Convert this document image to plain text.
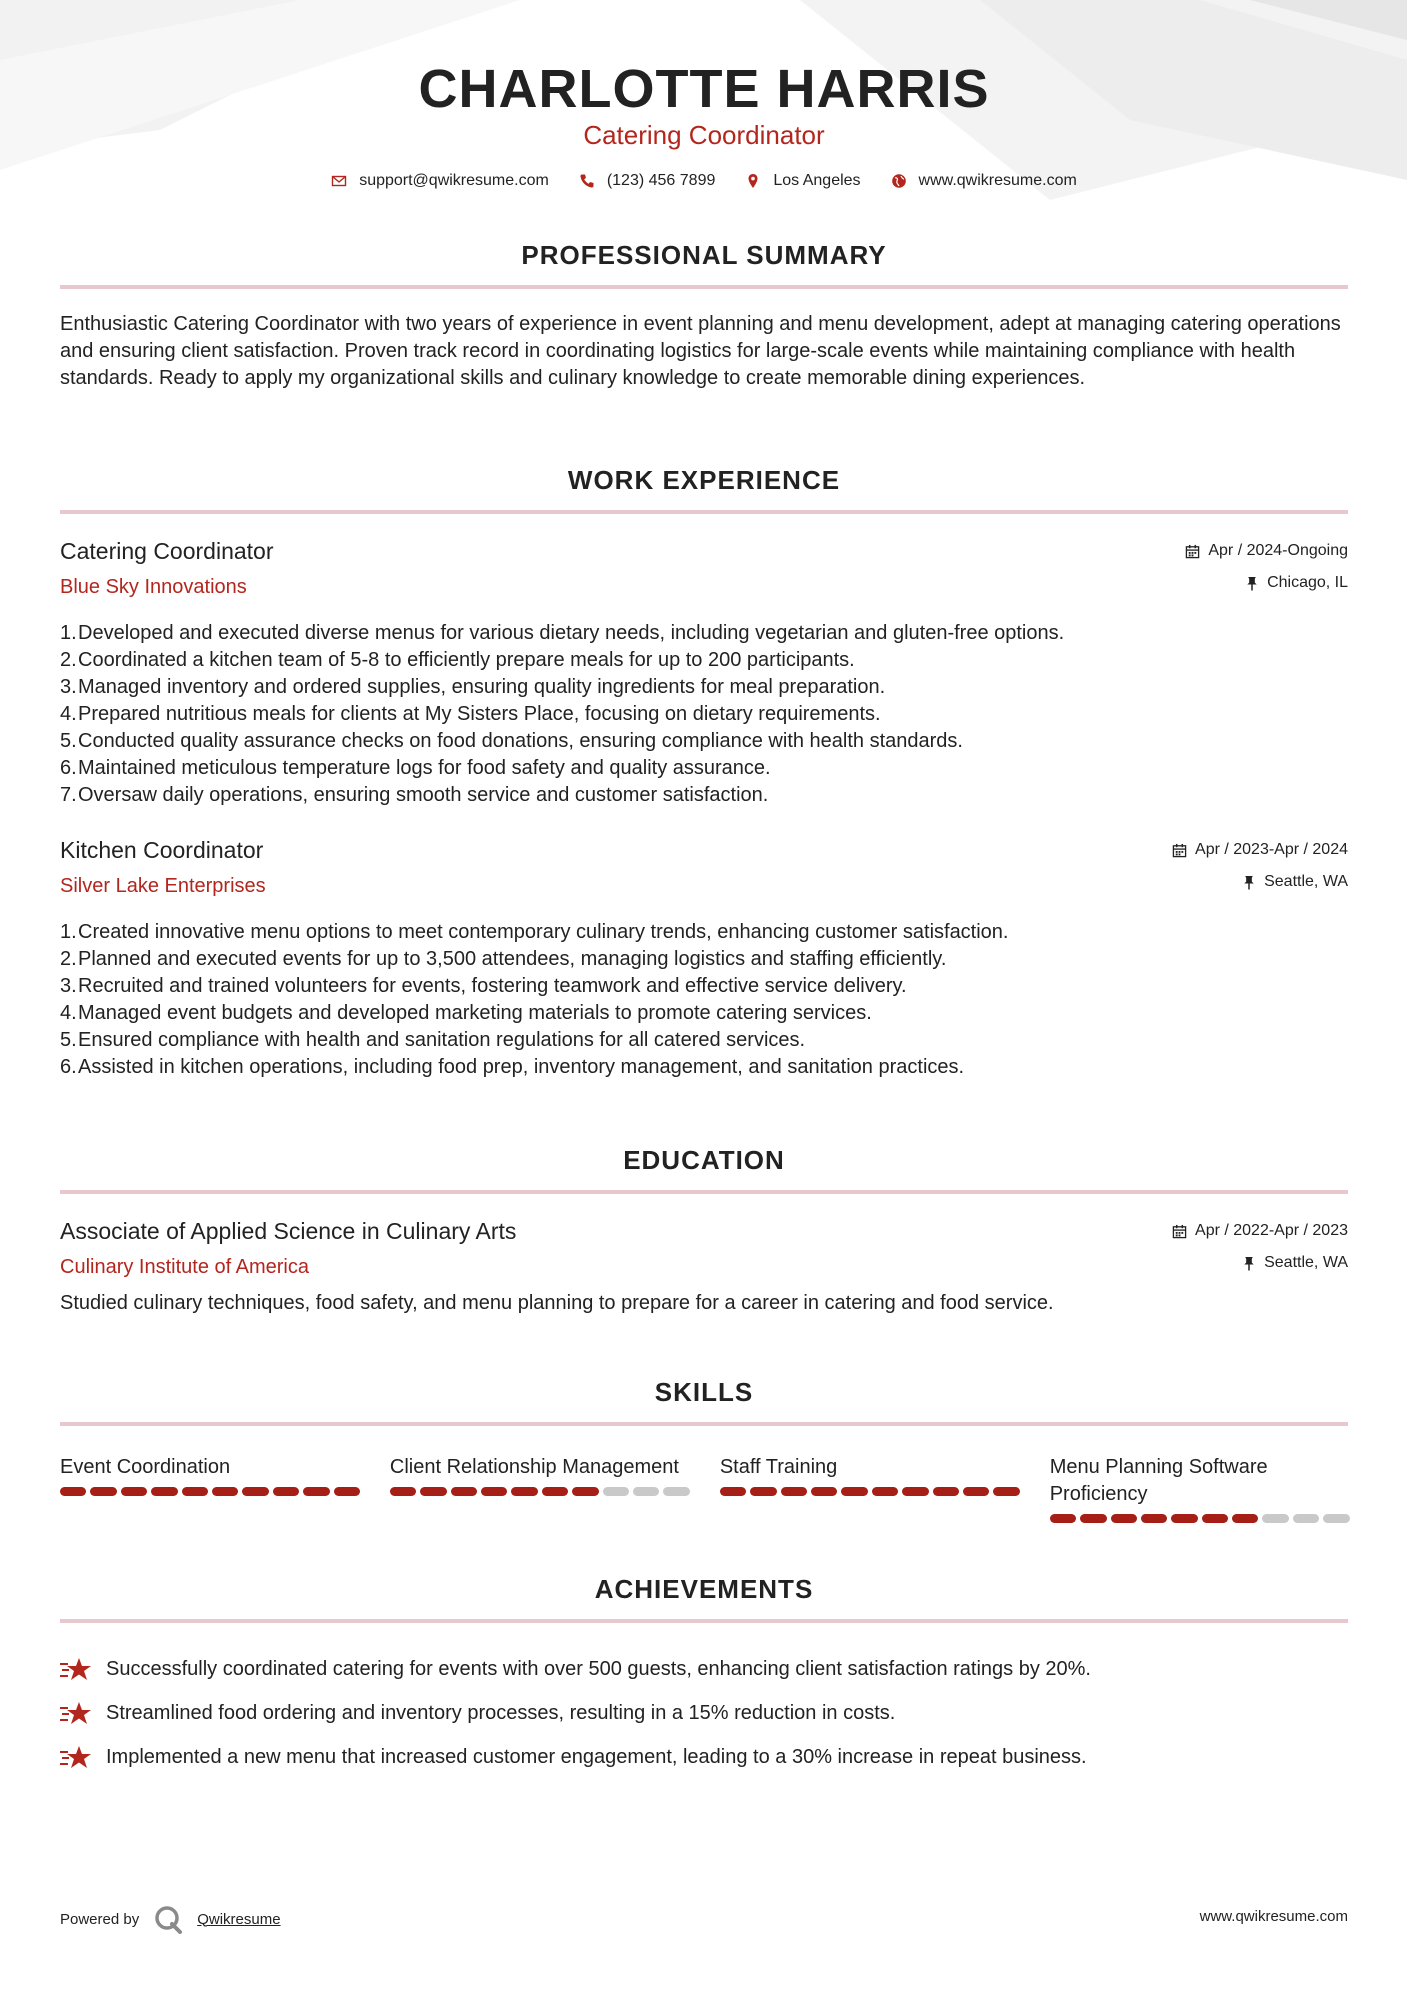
CHARLOTTE HARRIS
Catering Coordinator
support@qwikresume.com	(123) 456 7899	Los Angeles	www.qwikresume.com
PROFESSIONAL SUMMARY
Enthusiastic Catering Coordinator with two years of experience in event planning and menu development, adept at managing catering operations and ensuring client satisfaction. Proven track record in coordinating logistics for large-scale events while maintaining compliance with health standards. Ready to apply my organizational skills and culinary knowledge to create memorable dining experiences.
WORK EXPERIENCE
Catering Coordinator
Blue Sky Innovations
Apr / 2024-Ongoing
Chicago, IL
1. Developed and executed diverse menus for various dietary needs, including vegetarian and gluten-free options.
2. Coordinated a kitchen team of 5-8 to efficiently prepare meals for up to 200 participants.
3. Managed inventory and ordered supplies, ensuring quality ingredients for meal preparation.
4. Prepared nutritious meals for clients at My Sisters Place, focusing on dietary requirements.
5. Conducted quality assurance checks on food donations, ensuring compliance with health standards.
6. Maintained meticulous temperature logs for food safety and quality assurance.
7. Oversaw daily operations, ensuring smooth service and customer satisfaction.
Kitchen Coordinator
Silver Lake Enterprises
Apr / 2023-Apr / 2024
Seattle, WA
1. Created innovative menu options to meet contemporary culinary trends, enhancing customer satisfaction.
2. Planned and executed events for up to 3,500 attendees, managing logistics and staffing efficiently.
3. Recruited and trained volunteers for events, fostering teamwork and effective service delivery.
4. Managed event budgets and developed marketing materials to promote catering services.
5. Ensured compliance with health and sanitation regulations for all catered services.
6. Assisted in kitchen operations, including food prep, inventory management, and sanitation practices.
EDUCATION
Associate of Applied Science in Culinary Arts
Culinary Institute of America
Apr / 2022-Apr / 2023
Seattle, WA
Studied culinary techniques, food safety, and menu planning to prepare for a career in catering and food service.
SKILLS
Event Coordination	Client Relationship Management	Staff Training	Menu Planning Software Proficiency
ACHIEVEMENTS
Successfully coordinated catering for events with over 500 guests, enhancing client satisfaction ratings by 20%.
Streamlined food ordering and inventory processes, resulting in a 15% reduction in costs.
Implemented a new menu that increased customer engagement, leading to a 30% increase in repeat business.
Powered by	Qwikresume	www.qwikresume.com
